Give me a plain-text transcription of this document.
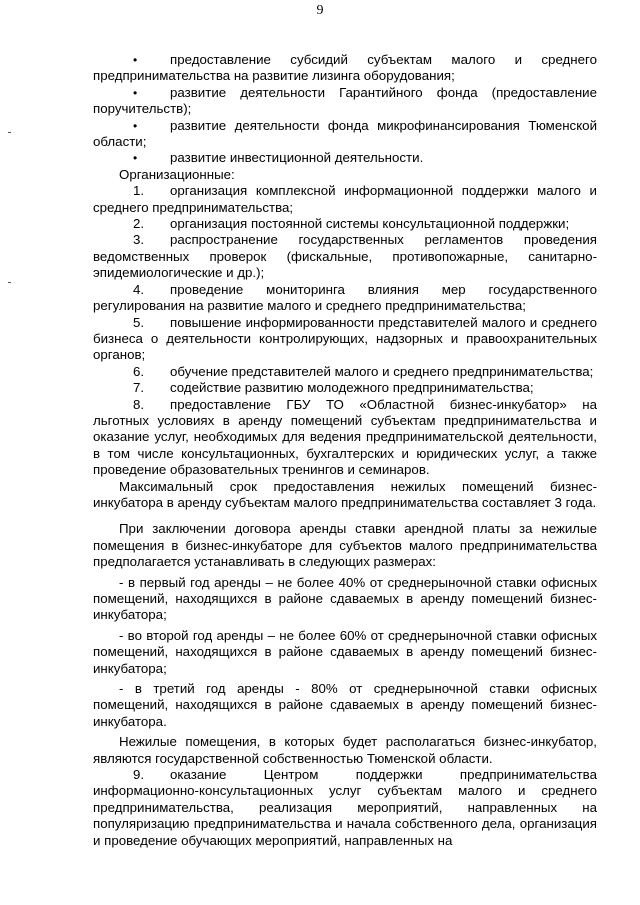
9

• предоставление субсидий субъектам малого и среднего предпринимательства на развитие лизинга оборудования;

• развитие деятельности Гарантийного фонда (предоставление поручительств);

• развитие деятельности фонда микрофинансирования Тюменской области;

• развитие инвестиционной деятельности.

Организационные:

1. организация комплексной информационной поддержки малого и среднего предпринимательства;

2. организация постоянной системы консультационной поддержки;

3. распространение государственных регламентов проведения ведомственных проверок (фискальные, противопожарные, санитарно-эпидемиологические и др.);

4. проведение мониторинга влияния мер государственного регулирования на развитие малого и среднего предпринимательства;

5. повышение информированности представителей малого и среднего бизнеса о деятельности контролирующих, надзорных и правоохранительных органов;

6. обучение представителей малого и среднего предпринимательства;

7. содействие развитию молодежного предпринимательства;

8. предоставление ГБУ ТО «Областной бизнес-инкубатор» на льготных условиях в аренду помещений субъектам предпринимательства и оказание услуг, необходимых для ведения предпринимательской деятельности, в том числе консультационных, бухгалтерских и юридических услуг, а также проведение образовательных тренингов и семинаров.

Максимальный срок предоставления нежилых помещений бизнес-инкубатора в аренду субъектам малого предпринимательства составляет 3 года.

При заключении договора аренды ставки арендной платы за нежилые помещения в бизнес-инкубаторе для субъектов малого предпринимательства предполагается устанавливать в следующих размерах:

- в первый год аренды – не более 40% от среднерыночной ставки офисных помещений, находящихся в районе сдаваемых в аренду помещений бизнес-инкубатора;

- во второй год аренды – не более 60% от среднерыночной ставки офисных помещений, находящихся в районе сдаваемых в аренду помещений бизнес-инкубатора;

- в третий год аренды - 80% от среднерыночной ставки офисных помещений, находящихся в районе сдаваемых в аренду помещений бизнес-инкубатора.

Нежилые помещения, в которых будет располагаться бизнес-инкубатор, являются государственной собственностью Тюменской области.

9. оказание Центром поддержки предпринимательства информационно-консультационных услуг субъектам малого и среднего предпринимательства, реализация мероприятий, направленных на популяризацию предпринимательства и начала собственного дела, организация и проведение обучающих мероприятий, направленных на
